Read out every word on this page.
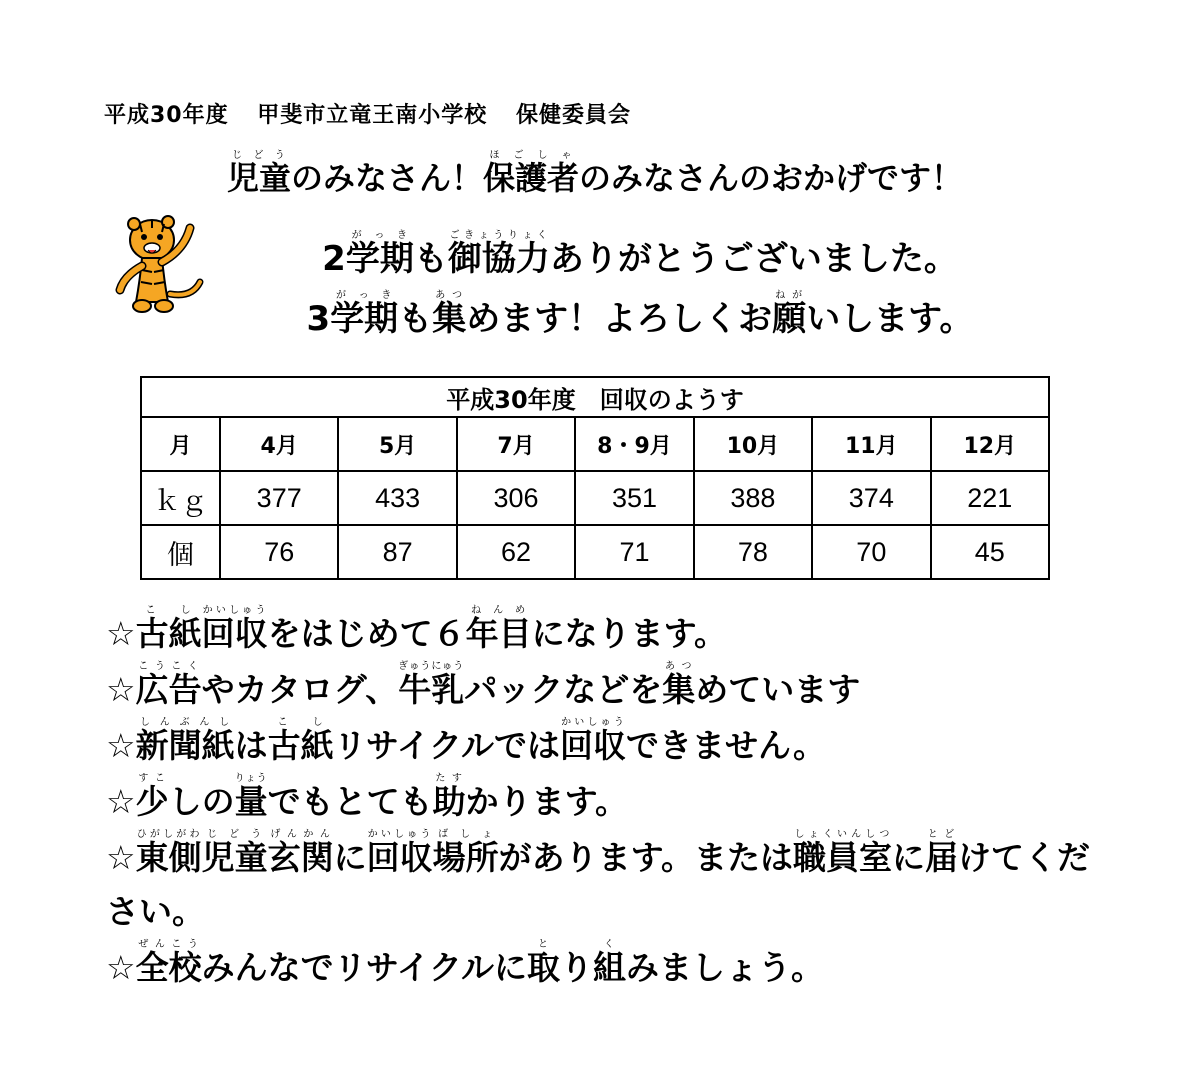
平成30年度 甲斐市立竜王南小学校 保健委員会
児童じどうのみなさん！保護者ほごしゃのみなさんのおかげです！
2学期がっきも御協力ごきょうりょくありがとうございました。
3学期がっきも集あつめます！よろしくお願ねがいします。
平成30年度　回収のようす							
月	4月	5月	7月	8・9月	10月	11月	12月
ｋｇ	377	433	306	351	388	374	221
個	76	87	62	71	78	70	45
☆古紙こし回収かいしゅうをはじめて６年目ねんめになります。
☆広告こうこくやカタログ、牛乳ぎゅうにゅうパックなどを集あつめています
☆新聞紙しんぶんしは古紙こしリサイクルでは回収かいしゅうできません。
☆少すこしの量りょうでもとても助たすかります。
☆東側ひがしがわ児童じどう玄関げんかんに回収かいしゅう場所ばしょがあります。または職員室しょくいんしつに届とどけてください。
☆全校ぜんこうみんなでリサイクルに取とり組くみましょう。
